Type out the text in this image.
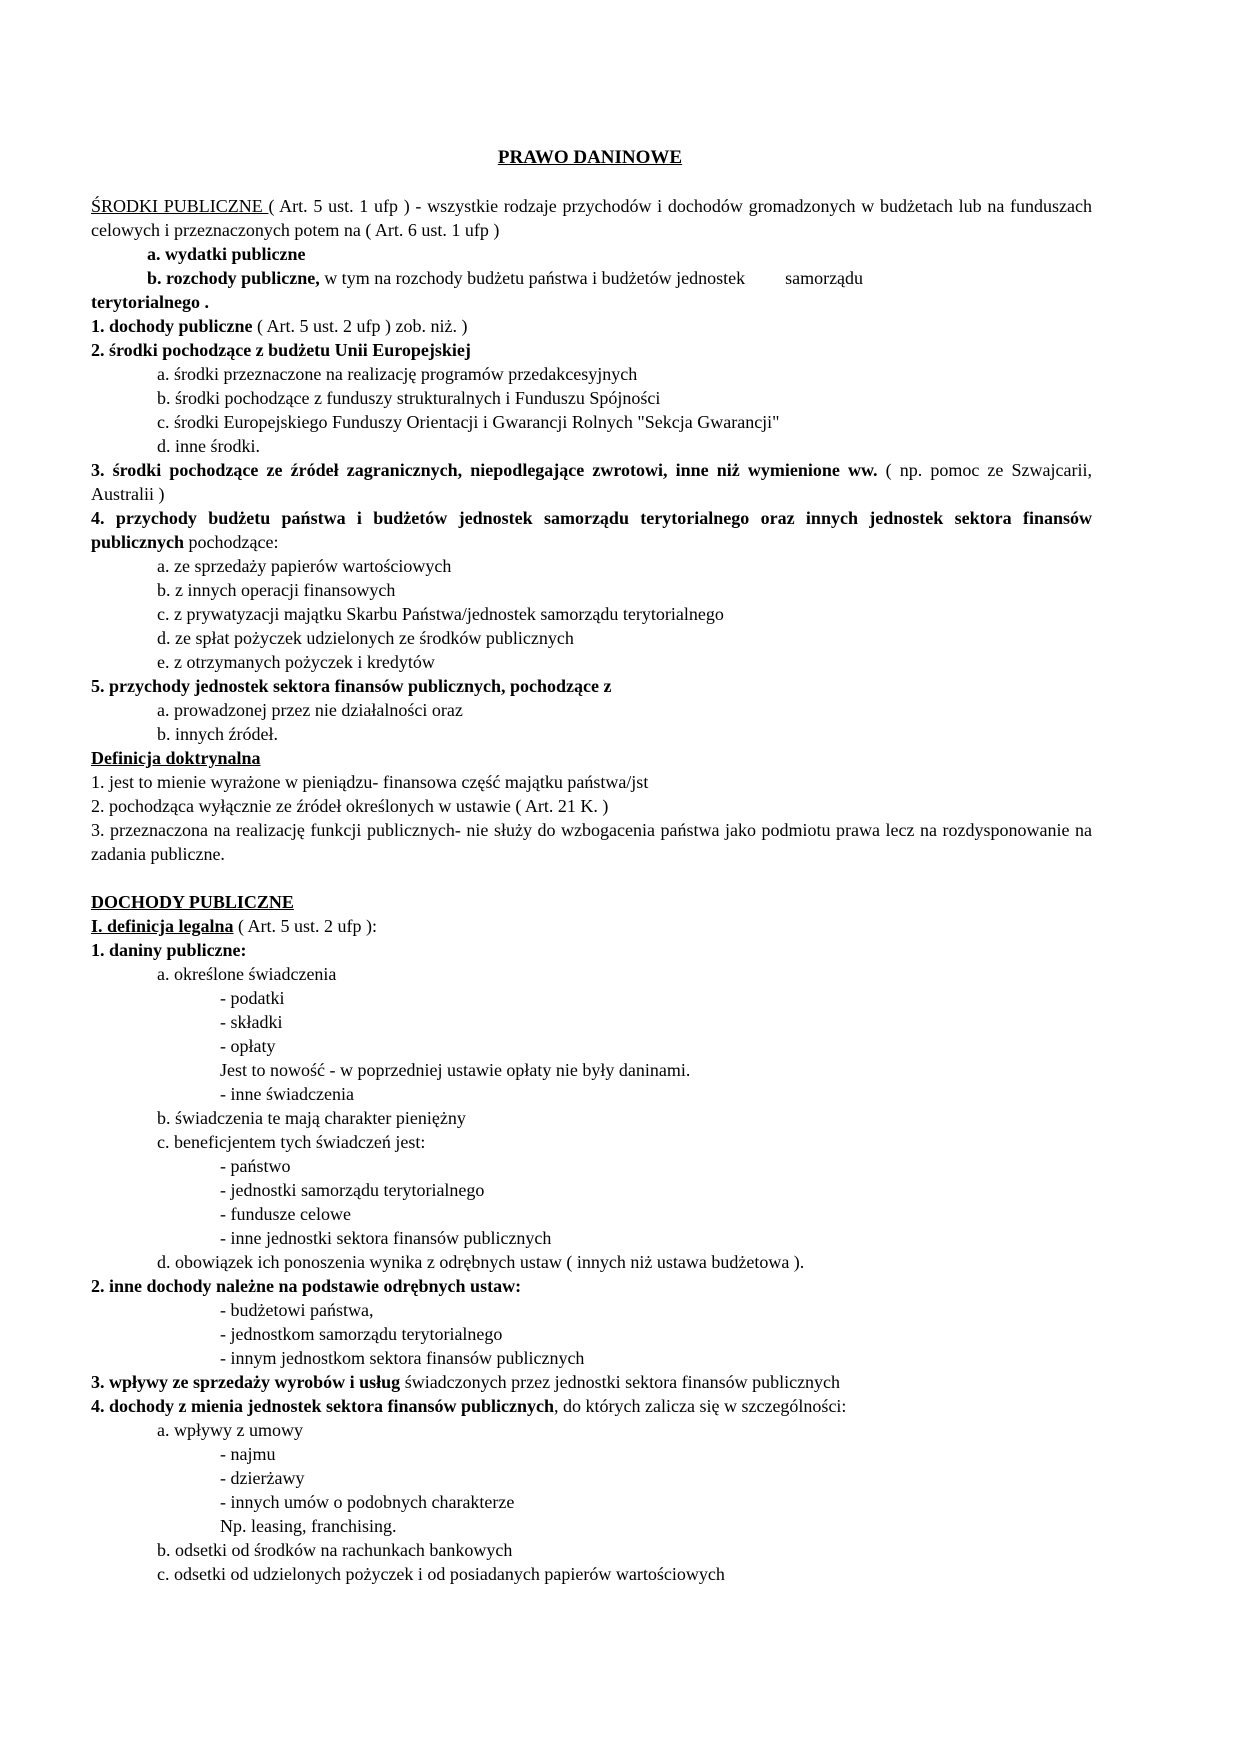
PRAWO DANINOWE
ŚRODKI PUBLICZNE ( Art. 5 ust. 1 ufp ) - wszystkie rodzaje przychodów i dochodów gromadzonych w budżetach lub na funduszach celowych i przeznaczonych potem na ( Art. 6 ust. 1 ufp )
a. wydatki publiczne
b. rozchody publiczne, w tym na rozchody budżetu państwa i budżetów jednostek samorządu
terytorialnego .
1. dochody publiczne ( Art. 5 ust. 2 ufp ) zob. niż. )
2. środki pochodzące z budżetu Unii Europejskiej
a. środki przeznaczone na realizację programów przedakcesyjnych
b. środki pochodzące z funduszy strukturalnych i Funduszu Spójności
c. środki Europejskiego Funduszy Orientacji i Gwarancji Rolnych "Sekcja Gwarancji"
d. inne środki.
3. środki pochodzące ze źródeł zagranicznych, niepodlegające zwrotowi, inne niż wymienione ww. ( np. pomoc ze Szwajcarii, Australii )
4. przychody budżetu państwa i budżetów jednostek samorządu terytorialnego oraz innych jednostek sektora finansów publicznych pochodzące:
a. ze sprzedaży papierów wartościowych
b. z innych operacji finansowych
c. z prywatyzacji majątku Skarbu Państwa/jednostek samorządu terytorialnego
d. ze spłat pożyczek udzielonych ze środków publicznych
e. z otrzymanych pożyczek i kredytów
5. przychody jednostek sektora finansów publicznych, pochodzące z
a. prowadzonej przez nie działalności oraz
b. innych źródeł.
Definicja doktrynalna
1. jest to mienie wyrażone w pieniądzu- finansowa część majątku państwa/jst
2. pochodząca wyłącznie ze źródeł określonych w ustawie ( Art. 21 K. )
3. przeznaczona na realizację funkcji publicznych- nie służy do wzbogacenia państwa jako podmiotu prawa lecz na rozdysponowanie na zadania publiczne.
DOCHODY PUBLICZNE
I. definicja legalna ( Art. 5 ust. 2 ufp ):
1. daniny publiczne:
a. określone świadczenia
- podatki
- składki
- opłaty
Jest to nowość - w poprzedniej ustawie opłaty nie były daninami.
- inne świadczenia
b. świadczenia te mają charakter pieniężny
c. beneficjentem tych świadczeń jest:
- państwo
- jednostki samorządu terytorialnego
- fundusze celowe
- inne jednostki sektora finansów publicznych
d. obowiązek ich ponoszenia wynika z odrębnych ustaw ( innych niż ustawa budżetowa ).
2. inne dochody należne na podstawie odrębnych ustaw:
- budżetowi państwa,
- jednostkom samorządu terytorialnego
- innym jednostkom sektora finansów publicznych
3. wpływy ze sprzedaży wyrobów i usług świadczonych przez jednostki sektora finansów publicznych
4. dochody z mienia jednostek sektora finansów publicznych, do których zalicza się w szczególności:
a. wpływy z umowy
- najmu
- dzierżawy
- innych umów o podobnych charakterze
Np. leasing, franchising.
b. odsetki od środków na rachunkach bankowych
c. odsetki od udzielonych pożyczek i od posiadanych papierów wartościowych
